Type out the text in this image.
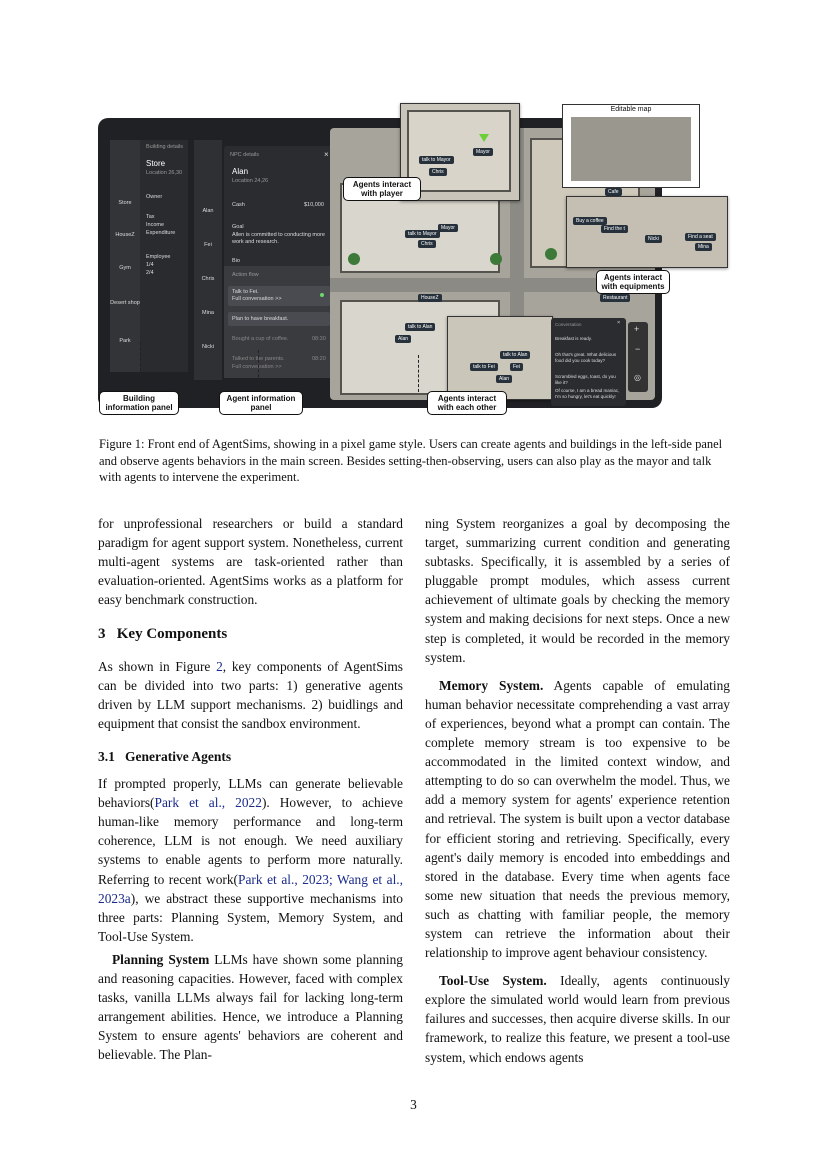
Store
HouseZ
Gym
Desert shop
Park
Building details
Store
Location 26,30
Owner
Tax
Income
Expenditure
Employee
1/4
2/4
Alan
Fei
Chris
Mina
Nicki
NPC details	×
Alan
Location 24,26
Cash	$10,000
Goal
Allen is committed to conducting more work and research.
Bio
Action flow
Talk to Fei.
Full conversation >>
Plan to have breakfast.
Bought a cup of coffee.	08:30
Talked to the parents.
Full conversation >>
08:20
HouseZ	Restaurant
Cafe
talk to Mayor
Mayor
Chris
talk to Alan
Alan
+
−
◎
talk to Mayor
Mayor
Chris
Editable map
Buy a coffee
Find the t
Nicki
Mina
Find a seat
talk to Alan
talk to Fei	Fei
Alan
Conversation	×
Breakfast is ready.
Oh that's great. What delicious food did you cook today?
Scrambled eggs, toast, do you like it?
Of course, I am a bread maniac, I'm so hungry, let's eat quickly!
Agents interact with player
Agents interact with equipments
Building information panel
Agent information panel
Agents interact with each other
Figure 1: Front end of AgentSims, showing in a pixel game style. Users can create agents and buildings in the left-side panel and observe agents behaviors in the main screen. Besides setting-then-observing, users can also play as the mayor and talk with agents to intervene the experiment.

for unprofessional researchers or build a standard paradigm for agent support system. Nonetheless, current multi-agent systems are task-oriented rather than evaluation-oriented. AgentSims works as a platform for easy benchmark construction.

3 Key Components

As shown in Figure 2, key components of AgentSims can be divided into two parts: 1) generative agents driven by LLM support mechanisms. 2) buidlings and equipment that consist the sandbox environment.

3.1 Generative Agents

If prompted properly, LLMs can generate believable behaviors(Park et al., 2022). However, to achieve human-like memory performance and long-term coherence, LLM is not enough. We need auxiliary systems to enable agents to perform more naturally. Referring to recent work(Park et al., 2023; Wang et al., 2023a), we abstract these supportive mechanisms into three parts: Planning System, Memory System, and Tool-Use System.

Planning System LLMs have shown some planning and reasoning capacities. However, faced with complex tasks, vanilla LLMs always fail for lacking long-term arrangement abilities. Hence, we introduce a Planning System to ensure agents' behaviors are coherent and believable. The Plan-

ning System reorganizes a goal by decomposing the target, summarizing current condition and generating subtasks. Specifically, it is assembled by a series of pluggable prompt modules, which assess current achievement of ultimate goals by checking the memory system and making decisions for next steps. Once a new step is completed, it would be recorded in the memory system.

Memory System. Agents capable of emulating human behavior necessitate comprehending a vast array of experiences, beyond what a prompt can contain. The complete memory stream is too expensive to be accommodated in the limited context window, and attempting to do so can overwhelm the model. Thus, we add a memory system for agents' experience retention and retrieval. The system is built upon a vector database for efficient storing and retrieving. Specifically, every agent's daily memory is encoded into embeddings and stored in the database. Every time when agents face some new situation that needs the previous memory, such as chatting with familiar people, the memory system can retrieve the information about their relationship to improve agent behaviour consistency.

Tool-Use System. Ideally, agents continuously explore the simulated world would learn from previous failures and successes, then acquire diverse skills. In our framework, to realize this feature, we present a tool-use system, which endows agents

3
